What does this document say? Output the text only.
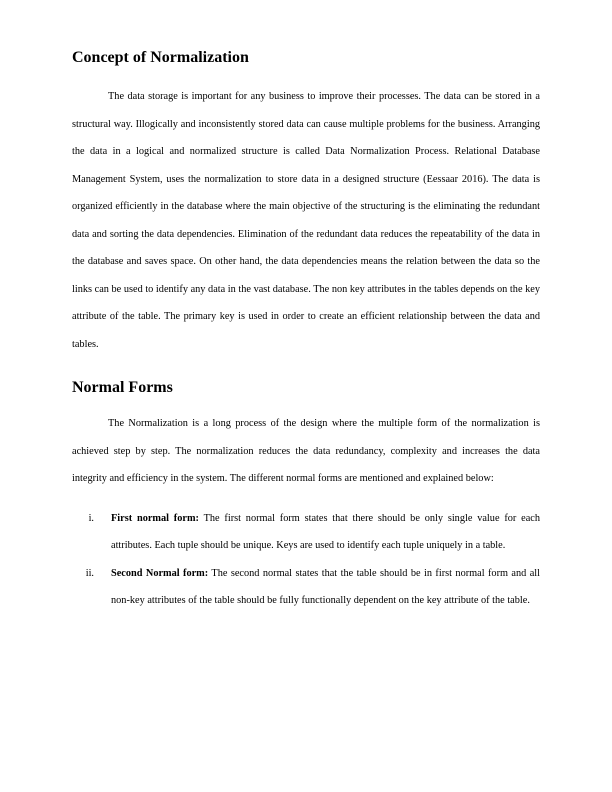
Concept of Normalization

The data storage is important for any business to improve their processes. The data can be stored in a structural way. Illogically and inconsistently stored data can cause multiple problems for the business. Arranging the data in a logical and normalized structure is called Data Normalization Process. Relational Database Management System, uses the normalization to store data in a designed structure (Eessaar 2016). The data is organized efficiently in the database where the main objective of the structuring is the eliminating the redundant data and sorting the data dependencies. Elimination of the redundant data reduces the repeatability of the data in the database and saves space. On other hand, the data dependencies means the relation between the data so the links can be used to identify any data in the vast database. The non key attributes in the tables depends on the key attribute of the table. The primary key is used in order to create an efficient relationship between the data and tables.

Normal Forms

The Normalization is a long process of the design where the multiple form of the normalization is achieved step by step. The normalization reduces the data redundancy, complexity and increases the data integrity and efficiency in the system. The different normal forms are mentioned and explained below:

i. First normal form: The first normal form states that there should be only single value for each attributes. Each tuple should be unique. Keys are used to identify each tuple uniquely in a table.
ii. Second Normal form: The second normal states that the table should be in first normal form and all non-key attributes of the table should be fully functionally dependent on the key attribute of the table.
